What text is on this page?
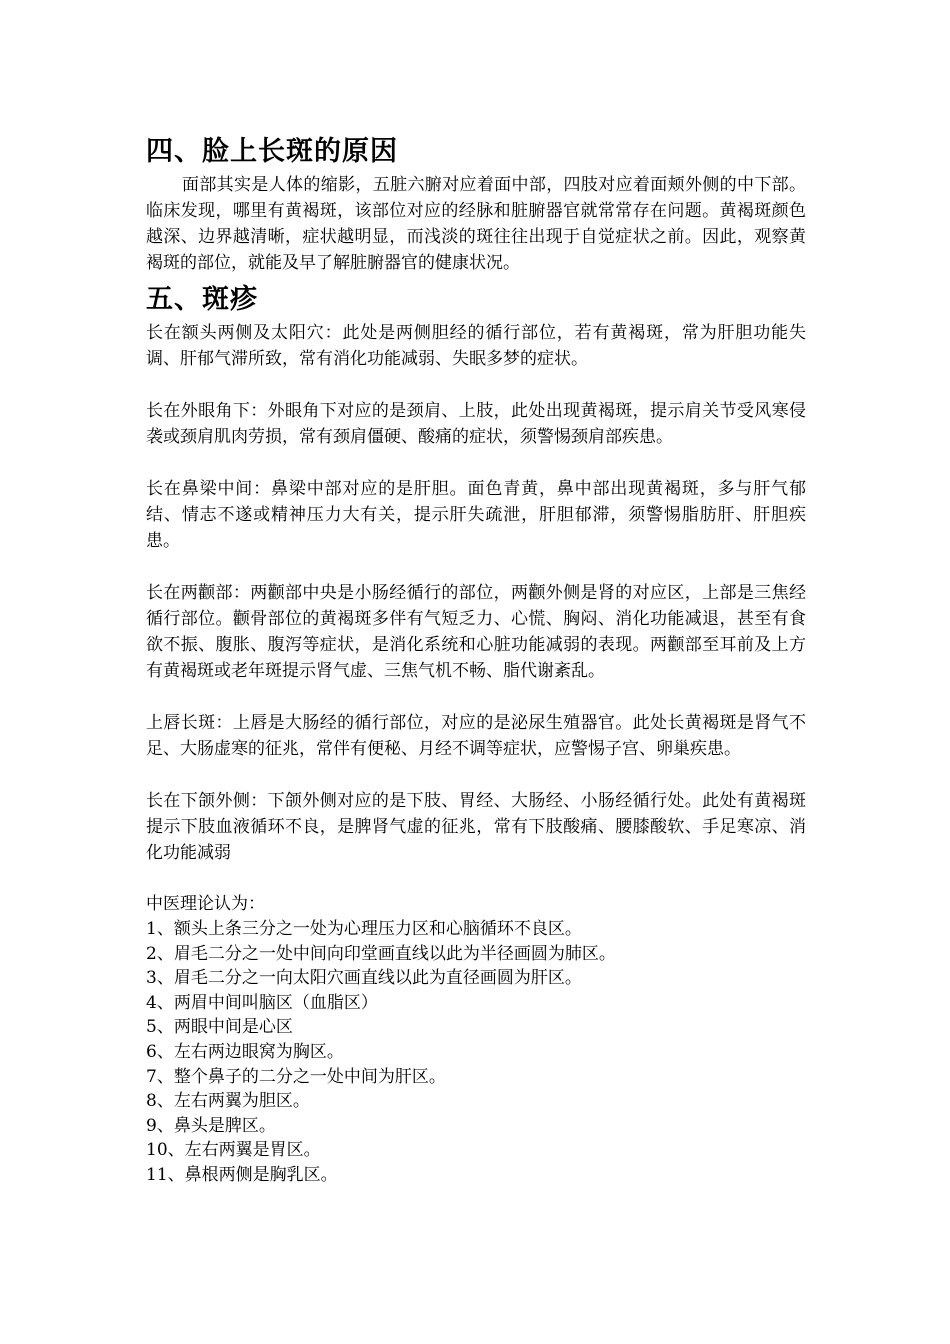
四、脸上长斑的原因

面部其实是人体的缩影，五脏六腑对应着面中部，四肢对应着面颊外侧的中下部。临床发现，哪里有黄褐斑，该部位对应的经脉和脏腑器官就常常存在问题。黄褐斑颜色越深、边界越清晰，症状越明显，而浅淡的斑往往出现于自觉症状之前。因此，观察黄褐斑的部位，就能及早了解脏腑器官的健康状况。

五、斑疹

长在额头两侧及太阳穴：此处是两侧胆经的循行部位，若有黄褐斑，常为肝胆功能失调、肝郁气滞所致，常有消化功能减弱、失眠多梦的症状。

长在外眼角下：外眼角下对应的是颈肩、上肢，此处出现黄褐斑，提示肩关节受风寒侵袭或颈肩肌肉劳损，常有颈肩僵硬、酸痛的症状，须警惕颈肩部疾患。

长在鼻梁中间：鼻梁中部对应的是肝胆。面色青黄，鼻中部出现黄褐斑，多与肝气郁结、情志不遂或精神压力大有关，提示肝失疏泄，肝胆郁滞，须警惕脂肪肝、肝胆疾患。

长在两颧部：两颧部中央是小肠经循行的部位，两颧外侧是肾的对应区，上部是三焦经循行部位。颧骨部位的黄褐斑多伴有气短乏力、心慌、胸闷、消化功能减退，甚至有食欲不振、腹胀、腹泻等症状，是消化系统和心脏功能减弱的表现。两颧部至耳前及上方有黄褐斑或老年斑提示肾气虚、三焦气机不畅、脂代谢紊乱。

上唇长斑：上唇是大肠经的循行部位，对应的是泌尿生殖器官。此处长黄褐斑是肾气不足、大肠虚寒的征兆，常伴有便秘、月经不调等症状，应警惕子宫、卵巢疾患。

长在下颌外侧：下颌外侧对应的是下肢、胃经、大肠经、小肠经循行处。此处有黄褐斑提示下肢血液循环不良，是脾肾气虚的征兆，常有下肢酸痛、腰膝酸软、手足寒凉、消化功能减弱

中医理论认为：

1、额头上条三分之一处为心理压力区和心脑循环不良区。
2、眉毛二分之一处中间向印堂画直线以此为半径画圆为肺区。
3、眉毛二分之一向太阳穴画直线以此为直径画圆为肝区。
4、两眉中间叫脑区（血脂区）
5、两眼中间是心区
6、左右两边眼窝为胸区。
7、整个鼻子的二分之一处中间为肝区。
8、左右两翼为胆区。
9、鼻头是脾区。
10、左右两翼是胃区。
11、鼻根两侧是胸乳区。
